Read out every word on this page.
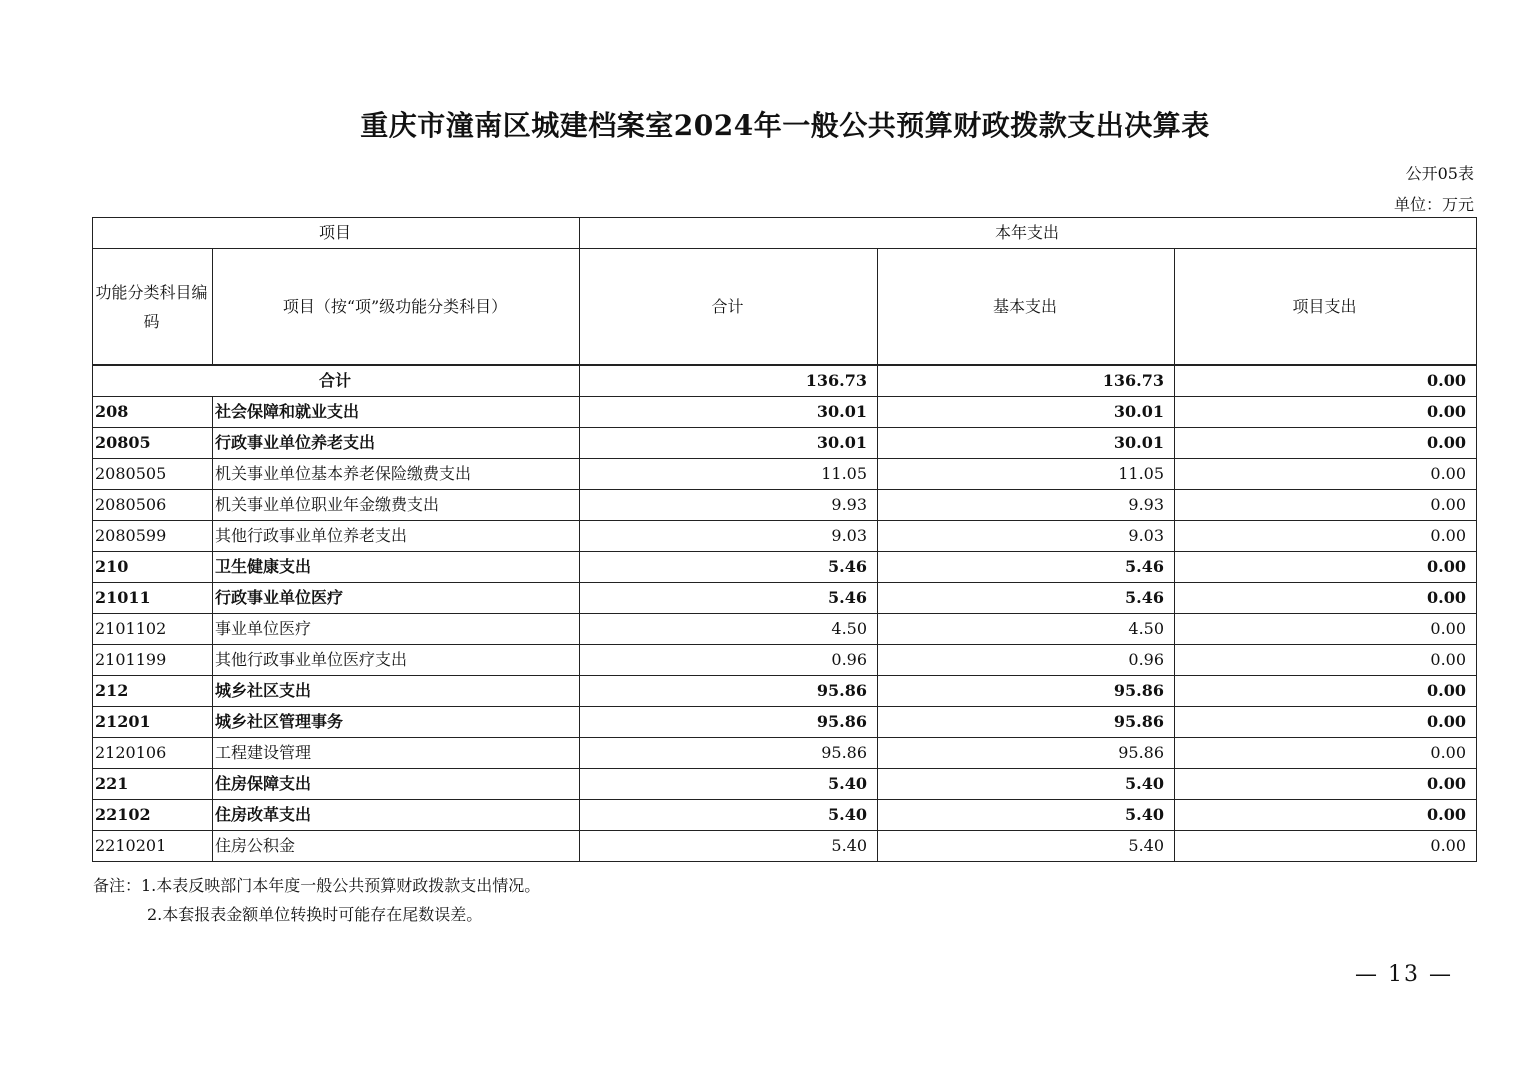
重庆市潼南区城建档案室2024年一般公共预算财政拨款支出决算表
公开05表
单位：万元
项目		本年支出		
功能分类科目编码	项目（按“项”级功能分类科目）	合计	基本支出	项目支出
合计		136.73	136.73	0.00
208	社会保障和就业支出	30.01	30.01	0.00
20805	行政事业单位养老支出	30.01	30.01	0.00
2080505	机关事业单位基本养老保险缴费支出	11.05	11.05	0.00
2080506	机关事业单位职业年金缴费支出	9.93	9.93	0.00
2080599	其他行政事业单位养老支出	9.03	9.03	0.00
210	卫生健康支出	5.46	5.46	0.00
21011	行政事业单位医疗	5.46	5.46	0.00
2101102	事业单位医疗	4.50	4.50	0.00
2101199	其他行政事业单位医疗支出	0.96	0.96	0.00
212	城乡社区支出	95.86	95.86	0.00
21201	城乡社区管理事务	95.86	95.86	0.00
2120106	工程建设管理	95.86	95.86	0.00
221	住房保障支出	5.40	5.40	0.00
22102	住房改革支出	5.40	5.40	0.00
2210201	住房公积金	5.40	5.40	0.00
备注：1.本表反映部门本年度一般公共预算财政拨款支出情况。
2.本套报表金额单位转换时可能存在尾数误差。
— 13 —
